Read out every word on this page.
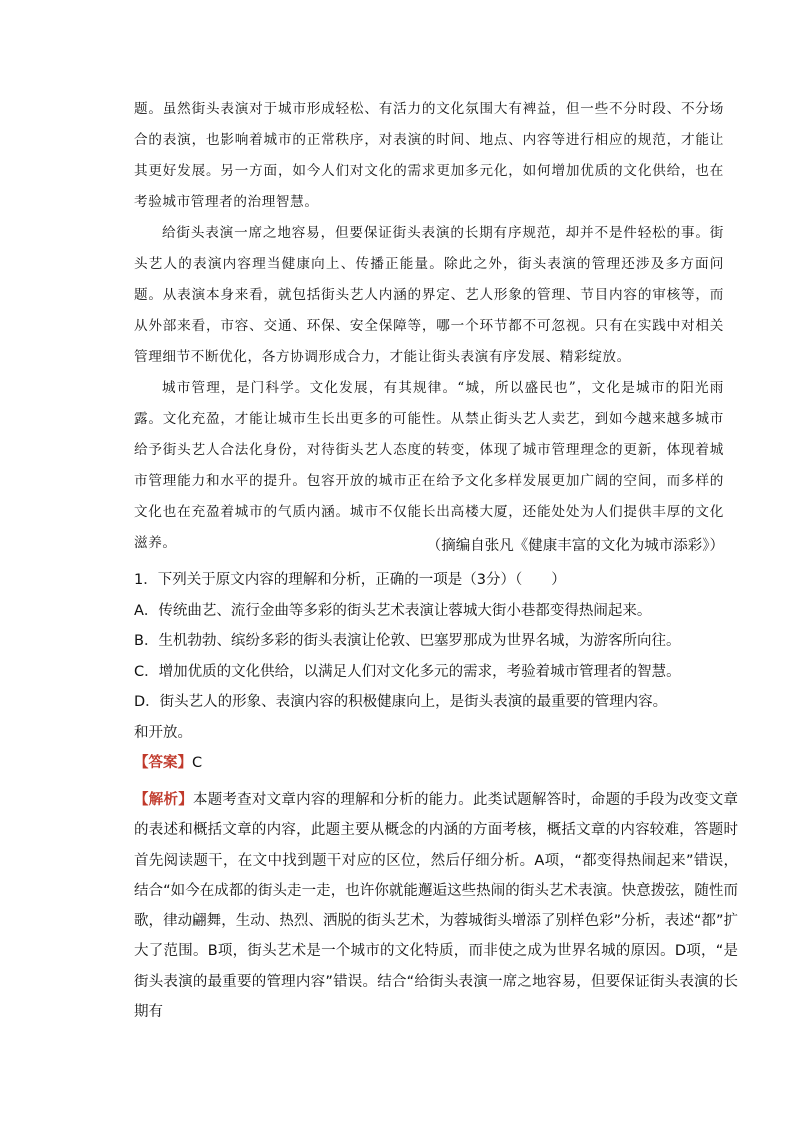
题。虽然街头表演对于城市形成轻松、有活力的文化氛围大有裨益，但一些不分时段、不分场合的表演，也影响着城市的正常秩序，对表演的时间、地点、内容等进行相应的规范，才能让其更好发展。另一方面，如今人们对文化的需求更加多元化，如何增加优质的文化供给，也在考验城市管理者的治理智慧。

给街头表演一席之地容易，但要保证街头表演的长期有序规范，却并不是件轻松的事。街头艺人的表演内容理当健康向上、传播正能量。除此之外，街头表演的管理还涉及多方面问题。从表演本身来看，就包括街头艺人内涵的界定、艺人形象的管理、节目内容的审核等，而从外部来看，市容、交通、环保、安全保障等，哪一个环节都不可忽视。只有在实践中对相关管理细节不断优化，各方协调形成合力，才能让街头表演有序发展、精彩绽放。

城市管理，是门科学。文化发展，有其规律。“城，所以盛民也”，文化是城市的阳光雨露。文化充盈，才能让城市生长出更多的可能性。从禁止街头艺人卖艺，到如今越来越多城市给予街头艺人合法化身份，对待街头艺人态度的转变，体现了城市管理理念的更新，体现着城市管理能力和水平的提升。包容开放的城市正在给予文化多样发展更加广阔的空间，而多样的文化也在充盈着城市的气质内涵。城市不仅能长出高楼大厦，还能处处为人们提供丰厚的文化滋养。	（摘编自张凡《健康丰富的文化为城市添彩》）
1．下列关于原文内容的理解和分析，正确的一项是（3分）（　　）
A．传统曲艺、流行金曲等多彩的街头艺术表演让蓉城大街小巷都变得热闹起来。
B．生机勃勃、缤纷多彩的街头表演让伦敦、巴塞罗那成为世界名城，为游客所向往。
C．增加优质的文化供给，以满足人们对文化多元的需求，考验着城市管理者的智慧。
D．街头艺人的形象、表演内容的积极健康向上，是街头表演的最重要的管理内容。
和开放。
【答案】C
【解析】本题考查对文章内容的理解和分析的能力。此类试题解答时，命题的手段为改变文章的表述和概括文章的内容，此题主要从概念的内涵的方面考核，概括文章的内容较难，答题时首先阅读题干，在文中找到题干对应的区位，然后仔细分析。A项，“都变得热闹起来”错误，结合“如今在成都的街头走一走，也许你就能邂逅这些热闹的街头艺术表演。快意拨弦，随性而歌，律动翩舞，生动、热烈、洒脱的街头艺术，为蓉城街头增添了别样色彩”分析，表述“都”扩大了范围。B项，街头艺术是一个城市的文化特质，而非使之成为世界名城的原因。D项，“是街头表演的最重要的管理内容”错误。结合“给街头表演一席之地容易，但要保证街头表演的长期有
